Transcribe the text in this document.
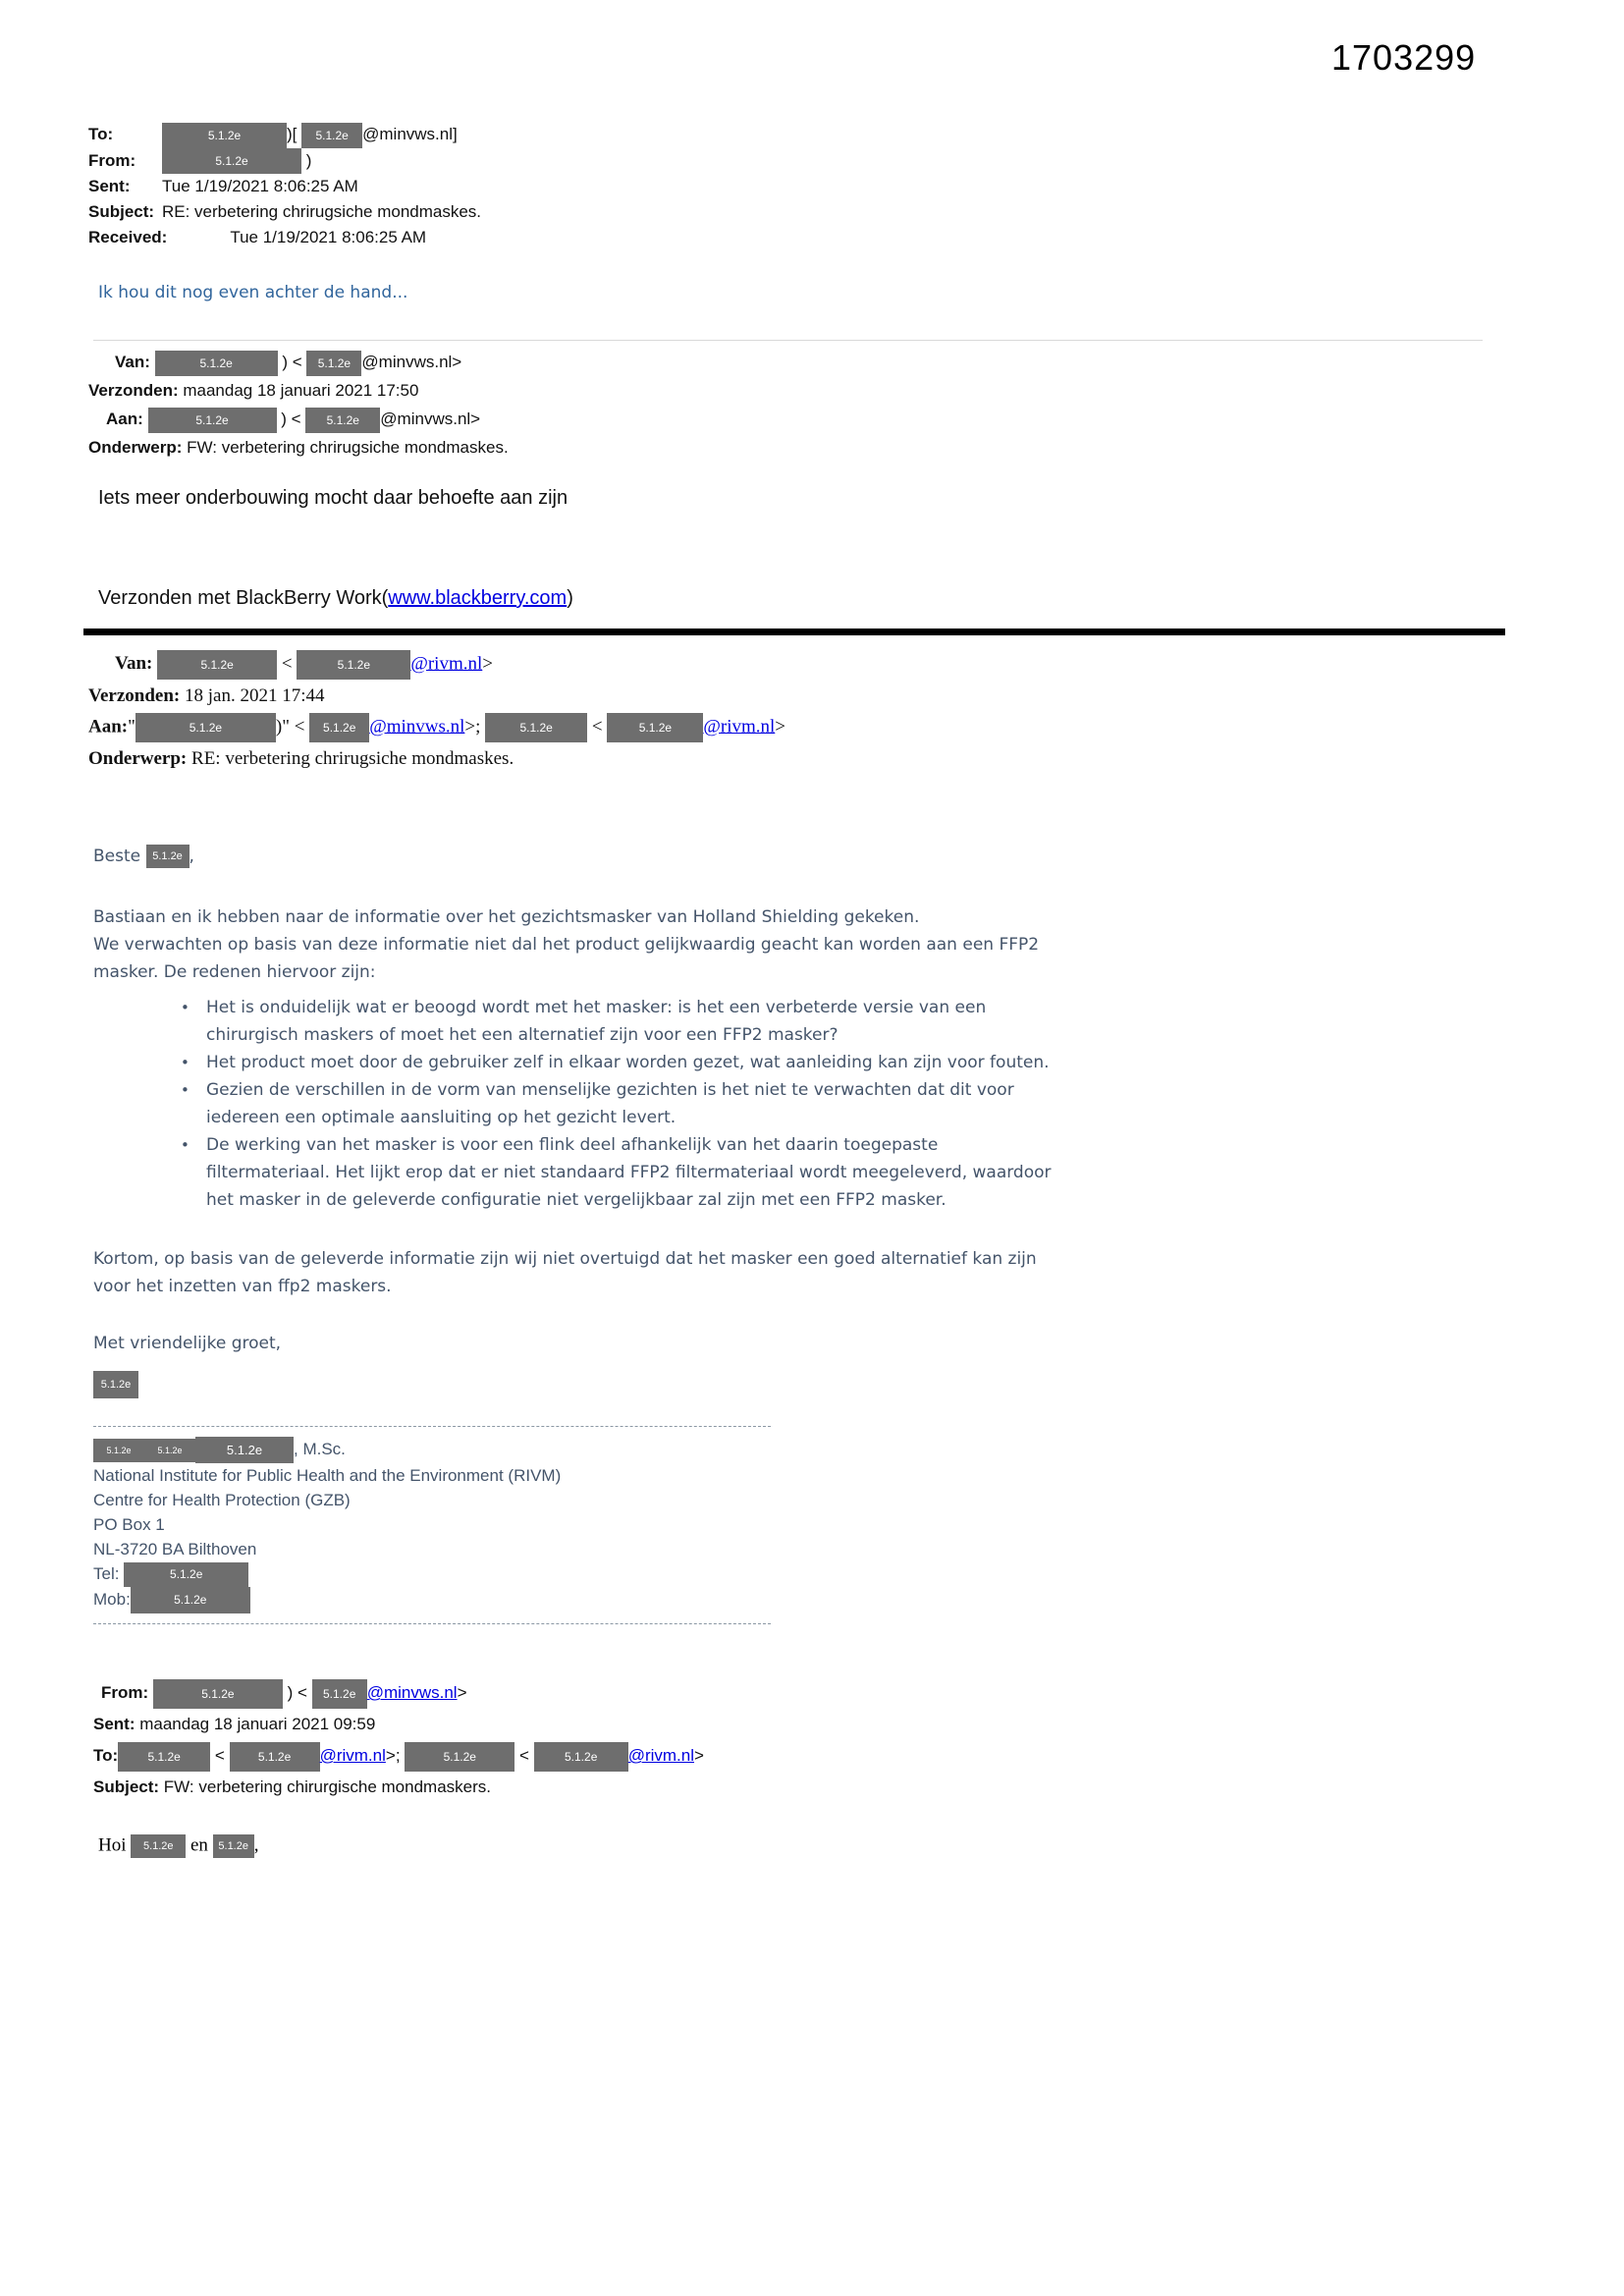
1703299
To:	5.1.2e	)[ 5.1.2e @minvws.nl]
From:	5.1.2e	)
Sent: Tue 1/19/2021 8:06:25 AM
Subject: RE: verbetering chrirugsiche mondmaskes.
Received:	Tue 1/19/2021 8:06:25 AM
Ik hou dit nog even achter de hand...
Van:	5.1.2e	) < 5.1.2e @minvws.nl>
Verzonden: maandag 18 januari 2021 17:50
Aan:	5.1.2e	) < 5.1.2e @minvws.nl>
Onderwerp: FW: verbetering chrirugsiche mondmaskes.
Iets meer onderbouwing mocht daar behoefte aan zijn
Verzonden met BlackBerry Work(www.blackberry.com)
Van:	5.1.2e	<	5.1.2e @rivm.nl>
Verzonden: 18 jan. 2021 17:44
Aan:"	5.1.2e	)" < 5.1.2e @minvws.nl>;	5.1.2e <	5.1.2e @rivm.nl>
Onderwerp: RE: verbetering chrirugsiche mondmaskes.
Beste 5.1.2e ,
Bastiaan en ik hebben naar de informatie over het gezichtsmasker van Holland Shielding gekeken.
We verwachten op basis van deze informatie niet dal het product gelijkwaardig geacht kan worden aan een FFP2
masker. De redenen hiervoor zijn:
• Het is onduidelijk wat er beoogd wordt met het masker: is het een verbeterde versie van een
chirurgisch maskers of moet het een alternatief zijn voor een FFP2 masker?
• Het product moet door de gebruiker zelf in elkaar worden gezet, wat aanleiding kan zijn voor fouten.
• Gezien de verschillen in de vorm van menselijke gezichten is het niet te verwachten dat dit voor
iedereen een optimale aansluiting op het gezicht levert.
• De werking van het masker is voor een flink deel afhankelijk van het daarin toegepaste
filtermateriaal. Het lijkt erop dat er niet standaard FFP2 filtermateriaal wordt meegeleverd, waardoor
het masker in de geleverde configuratie niet vergelijkbaar zal zijn met een FFP2 masker.
Kortom, op basis van de geleverde informatie zijn wij niet overtuigd dat het masker een goed alternatief kan zijn
voor het inzetten van ffp2 maskers.
Met vriendelijke groet,
5.1.2e
5.1.2e	5.1.2e	5.1.2e , M.Sc.
National Institute for Public Health and the Environment (RIVM)
Centre for Health Protection (GZB)
PO Box 1
NL-3720 BA Bilthoven
Tel:	5.1.2e
Mob:	5.1.2e
From:	5.1.2e	) < 5.1.2e @minvws.nl>
Sent: maandag 18 januari 2021 09:59
To:	5.1.2e <	5.1.2e @rivm.nl>;	5.1.2e	<	5.1.2e @rivm.nl>
Subject: FW: verbetering chirurgische mondmaskers.
Hoi 5.1.2e en 5.1.2e ,
